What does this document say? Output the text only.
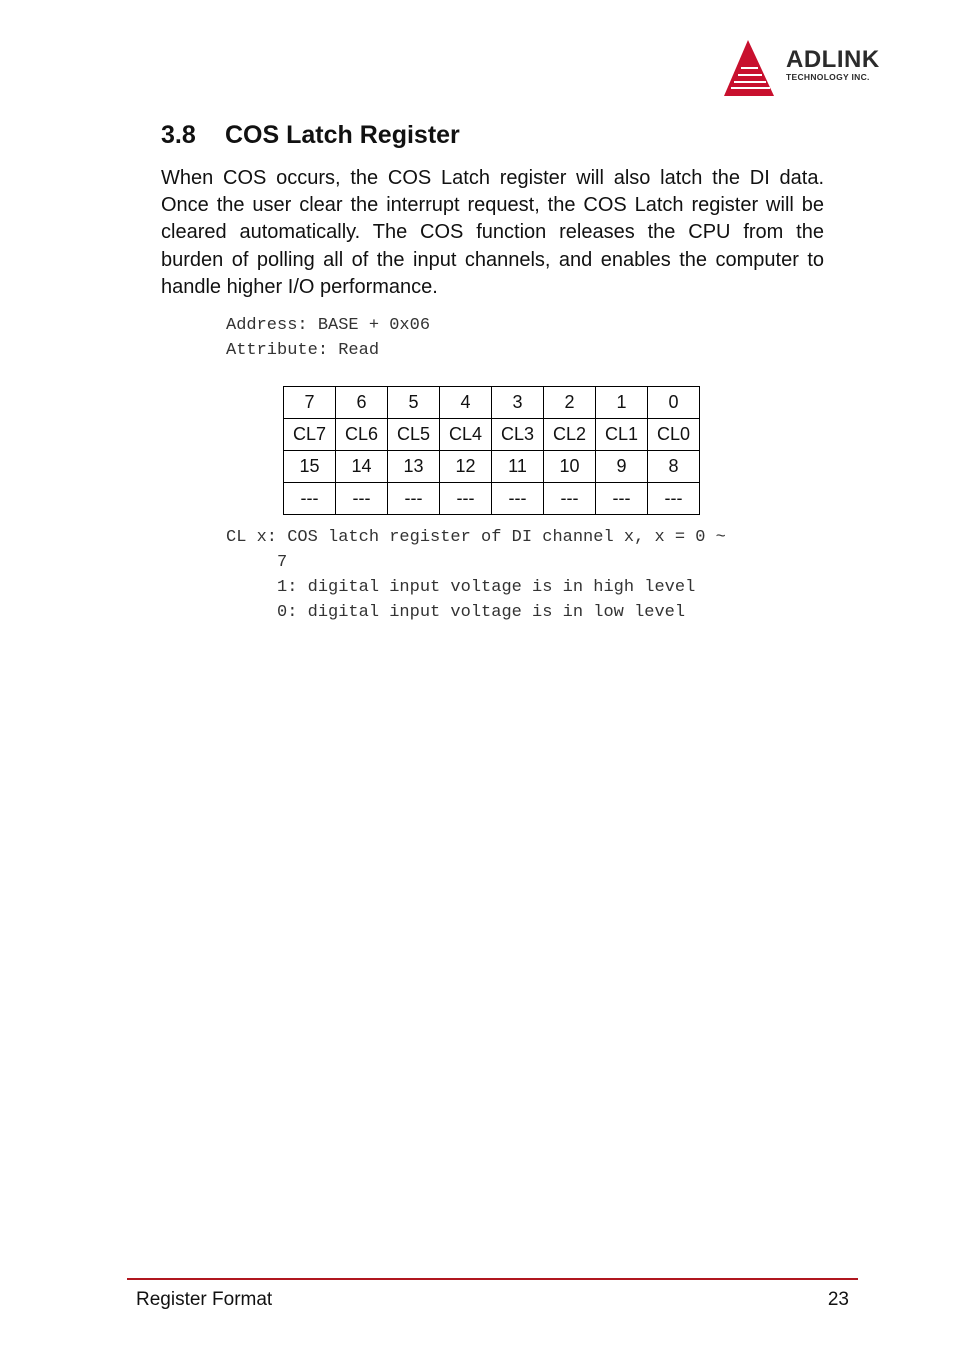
ADLINK
TECHNOLOGY INC.
3.8 COS Latch Register

When COS occurs, the COS Latch register will also latch the DI data. Once the user clear the interrupt request, the COS Latch register will be cleared automatically. The COS function releases the CPU from the burden of polling all of the input channels, and enables the computer to handle higher I/O performance.

Address: BASE + 0x06
Attribute: Read
7	6	5	4	3	2	1	0
CL7	CL6	CL5	CL4	CL3	CL2	CL1	CL0
15	14	13	12	11	10	9	8
---	---	---	---	---	---	---	---
CL x: COS latch register of DI channel x, x = 0 ~
7
1: digital input voltage is in high level
0: digital input voltage is in low level
Register Format	23
